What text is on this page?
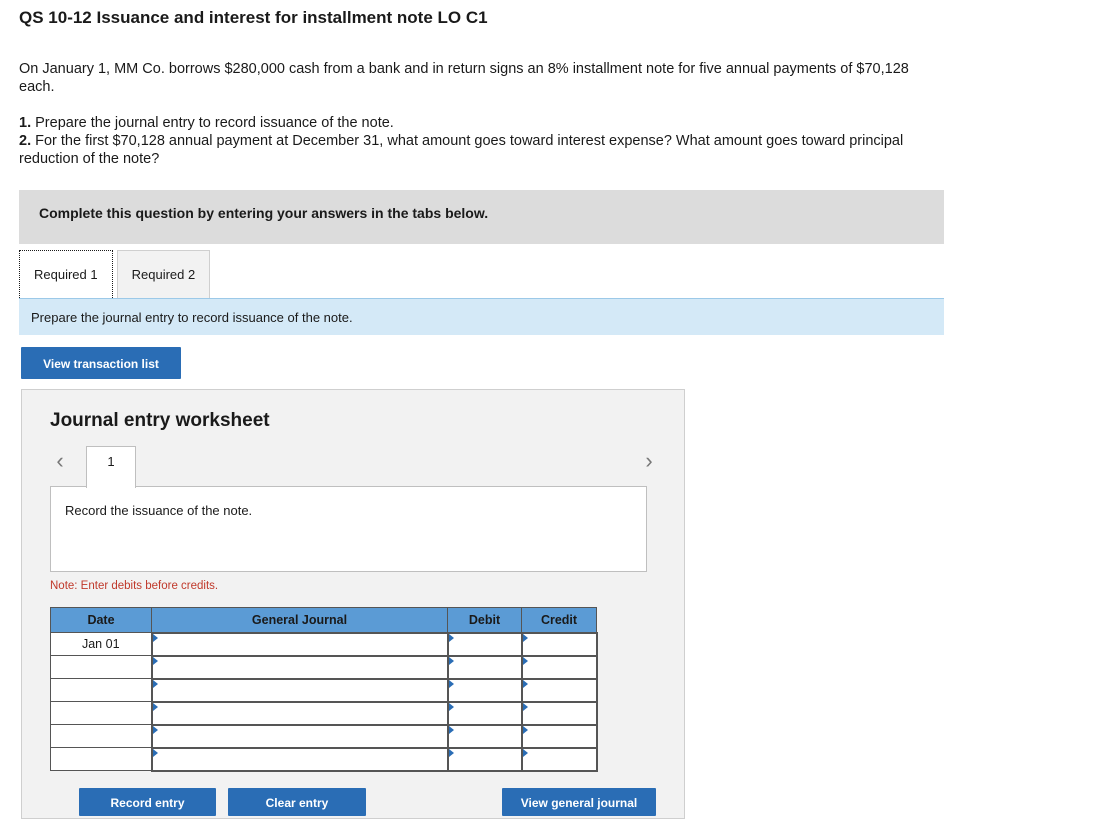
QS 10-12 Issuance and interest for installment note LO C1
On January 1, MM Co. borrows $280,000 cash from a bank and in return signs an 8% installment note for five annual payments of $70,128 each.

1. Prepare the journal entry to record issuance of the note.

2. For the first $70,128 annual payment at December 31, what amount goes toward interest expense? What amount goes toward principal reduction of the note?

Complete this question by entering your answers in the tabs below.
Required 1	Required 2
Prepare the journal entry to record issuance of the note.
View transaction list
Journal entry worksheet
‹	1	›
Record the issuance of the note.
Note: Enter debits before credits.
Date	General Journal	Debit	Credit
Jan 01			

Record entry	Clear entry	View general journal
